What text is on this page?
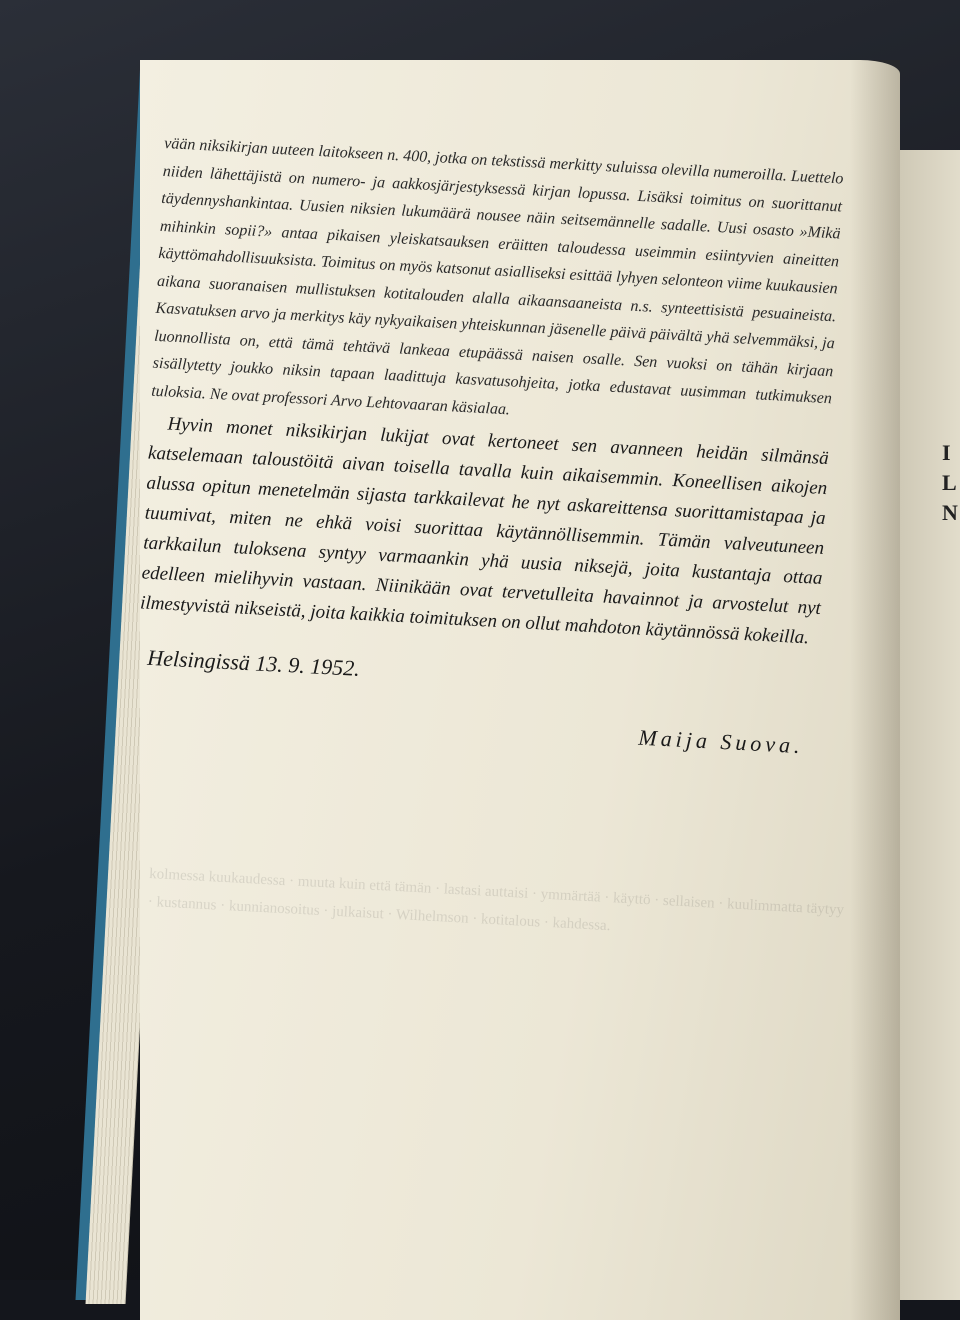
I
L
N
kolmessa kuukaudessa · muuta kuin että tämän · lastasi auttaisi · ymmärtää · käyttö · sellaisen · kuulimmatta täytyy · kustannus · kunnianosoitus · julkaisut · Wilhelmson · kotitalous · kahdessa.

vään niksikirjan uuteen laitokseen n. 400, jotka on tekstissä merkitty suluissa olevilla numeroilla. Luettelo niiden lähettäjistä on numero- ja aakkosjärjestyksessä kirjan lopussa. Lisäksi toimitus on suorittanut täydennyshankintaa. Uusien niksien lukumäärä nousee näin seitsemännelle sadalle. Uusi osasto »Mikä mihinkin sopii?» antaa pikaisen yleiskatsauksen eräitten taloudessa useimmin esiintyvien aineitten käyttömahdollisuuksista. Toimitus on myös katsonut asialliseksi esittää lyhyen selonteon viime kuukausien aikana suoranaisen mullistuksen kotitalouden alalla aikaansaaneista n.s. synteettisistä pesuaineista. Kasvatuksen arvo ja merkitys käy nykyaikaisen yhteiskunnan jäsenelle päivä päivältä yhä selvemmäksi, ja luonnollista on, että tämä tehtävä lankeaa etupäässä naisen osalle. Sen vuoksi on tähän kirjaan sisällytetty joukko niksin tapaan laadittuja kasvatusohjeita, jotka edustavat uusimman tutkimuksen tuloksia. Ne ovat professori Arvo Lehtovaaran käsialaa.

Hyvin monet niksikirjan lukijat ovat kertoneet sen avanneen heidän silmänsä katselemaan taloustöitä aivan toisella tavalla kuin aikaisemmin. Koneellisen aikojen alussa opitun menetelmän sijasta tarkkailevat he nyt askareittensa suorittamistapaa ja tuumivat, miten ne ehkä voisi suorittaa käytännöllisemmin. Tämän valveutuneen tarkkailun tuloksena syntyy varmaankin yhä uusia niksejä, joita kustantaja ottaa edelleen mielihyvin vastaan. Niinikään ovat tervetulleita havainnot ja arvostelut nyt ilmestyvistä nikseistä, joita kaikkia toimituksen on ollut mahdoton käytännössä kokeilla.

Helsingissä 13. 9. 1952.
Maija Suova.
